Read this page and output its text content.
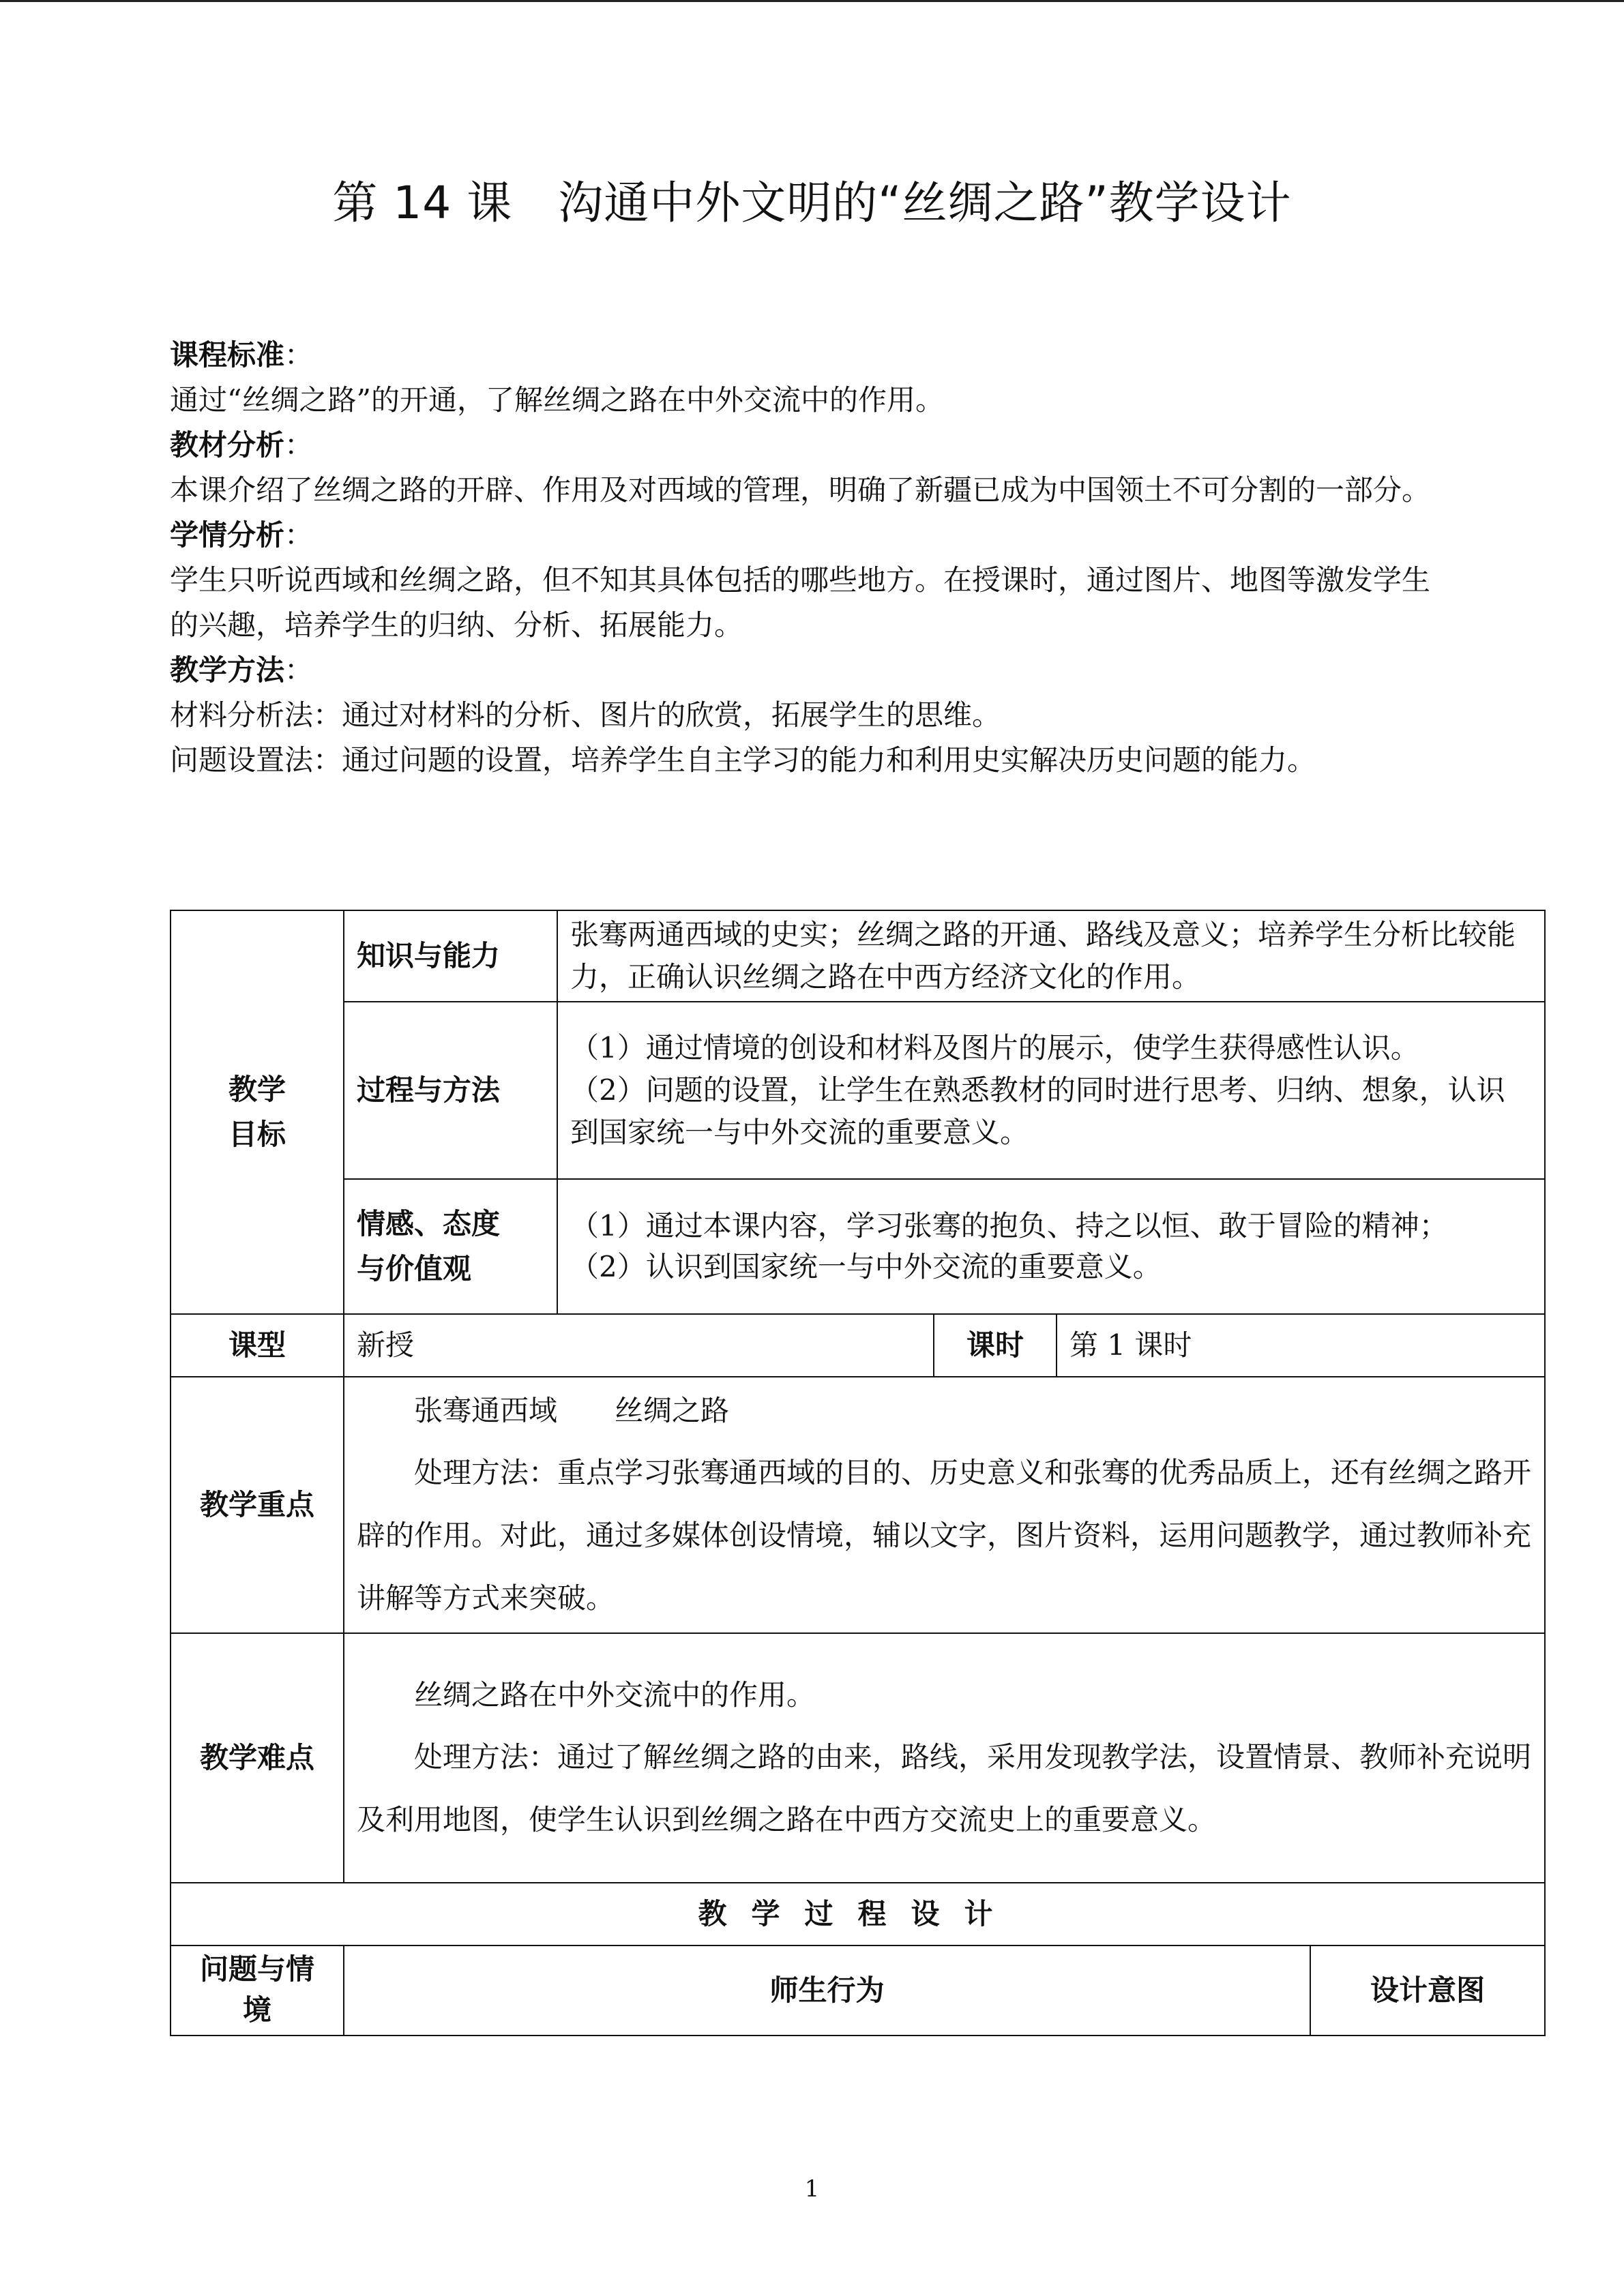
第 14 课　沟通中外文明的“丝绸之路”教学设计

课程标准：

通过“丝绸之路”的开通，了解丝绸之路在中外交流中的作用。

教材分析：

本课介绍了丝绸之路的开辟、作用及对西域的管理，明确了新疆已成为中国领土不可分割的一部分。

学情分析：

学生只听说西域和丝绸之路，但不知其具体包括的哪些地方。在授课时，通过图片、地图等激发学生的兴趣，培养学生的归纳、分析、拓展能力。

教学方法：

材料分析法：通过对材料的分析、图片的欣赏，拓展学生的思维。

问题设置法：通过问题的设置，培养学生自主学习的能力和利用史实解决历史问题的能力。

教学目标	知识与能力	张骞两通西域的史实；丝绸之路的开通、路线及意义；培养学生分析比较能力，正确认识丝绸之路在中西方经济文化的作用。			
	过程与方法	（1）通过情境的创设和材料及图片的展示，使学生获得感性认识。
（2）问题的设置，让学生在熟悉教材的同时进行思考、归纳、想象，认识到国家统一与中外交流的重要意义。			

	情感、态度与价值观	（1）通过本课内容，学习张骞的抱负、持之以恒、敢于冒险的精神；
（2）认识到国家统一与中外交流的重要意义。			

课型	新授		课时	第 1 课时	
教学重点	张骞通西域　　丝绸之路

处理方法：重点学习张骞通西域的目的、历史意义和张骞的优秀品质上，还有丝绸之路开辟的作用。对此，通过多媒体创设情境，辅以文字，图片资料，运用问题教学，通过教师补充讲解等方式来突破。				

教学难点	丝绸之路在中外交流中的作用。

处理方法：通过了解丝绸之路的由来，路线，采用发现教学法，设置情景、教师补充说明及利用地图，使学生认识到丝绸之路在中西方交流史上的重要意义。				

教学过程设计					
问题与情境	师生行为				设计意图
1
